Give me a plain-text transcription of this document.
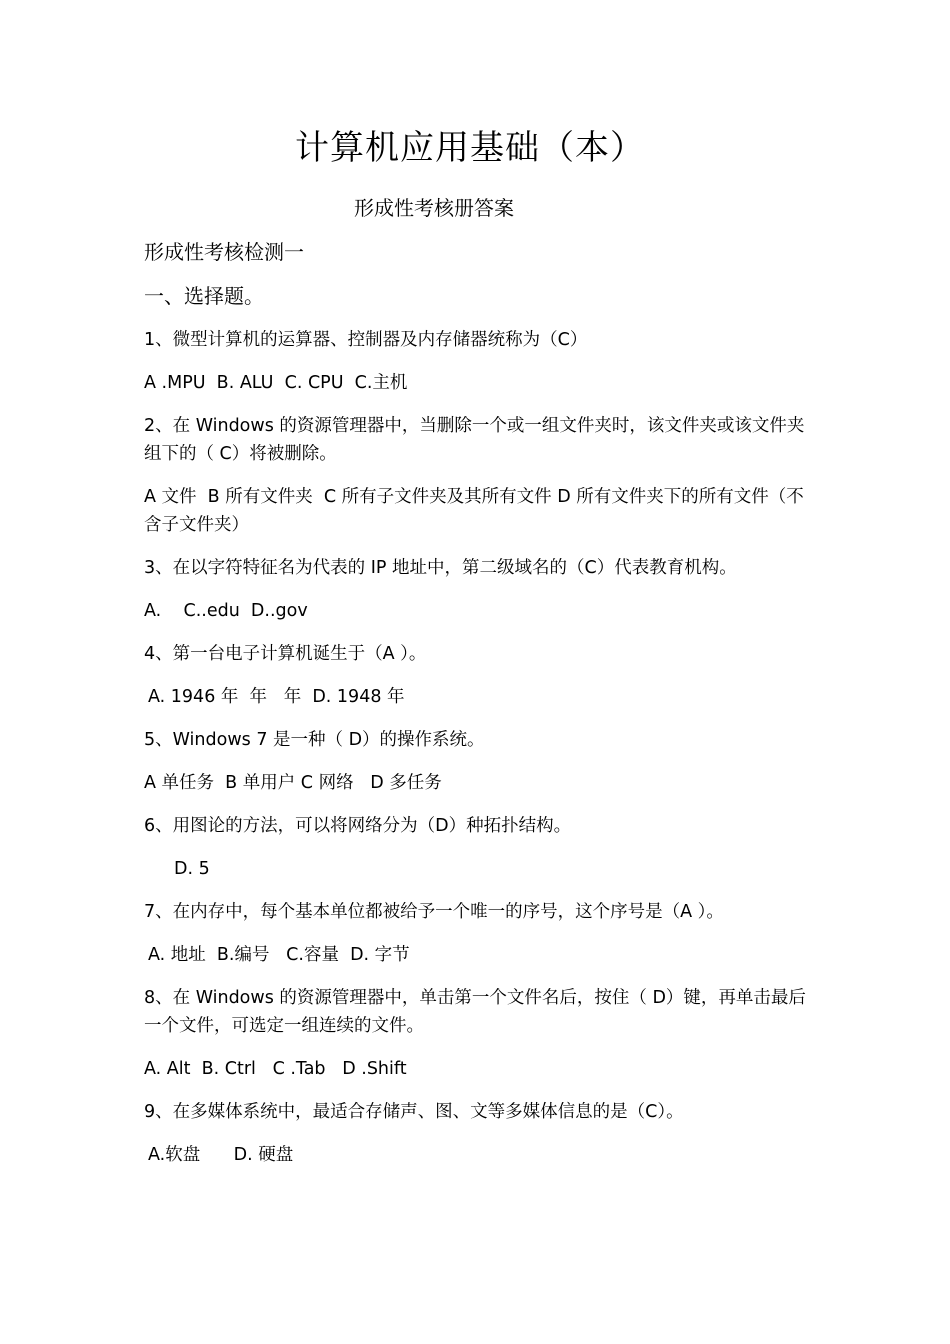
计算机应用基础（本）
形成性考核册答案
形成性考核检测一
一、选择题。
1、微型计算机的运算器、控制器及内存储器统称为（C）
A .MPU  B. ALU  C. CPU  C.主机
2、在 Windows 的资源管理器中，当删除一个或一组文件夹时，该文件夹或该文件夹组下的（ C）将被删除。
A 文件  B 所有文件夹  C 所有子文件夹及其所有文件 D 所有文件夹下的所有文件（不含子文件夹）
3、在以字符特征名为代表的 IP 地址中，第二级域名的（C）代表教育机构。
A.    C..edu  D..gov
4、第一台电子计算机诞生于（A ）。
A. 1946 年  年   年  D. 1948 年
5、Windows 7 是一种（ D）的操作系统。
A 单任务  B 单用户 C 网络   D 多任务
6、用图论的方法，可以将网络分为（D）种拓扑结构。
D. 5
7、在内存中，每个基本单位都被给予一个唯一的序号，这个序号是（A ）。
A. 地址  B.编号   C.容量  D. 字节
8、在 Windows 的资源管理器中，单击第一个文件名后，按住（ D）键，再单击最后一个文件，可选定一组连续的文件。
A. Alt  B. Ctrl   C .Tab   D .Shift
9、在多媒体系统中，最适合存储声、图、文等多媒体信息的是（C）。
A.软盘      D. 硬盘
